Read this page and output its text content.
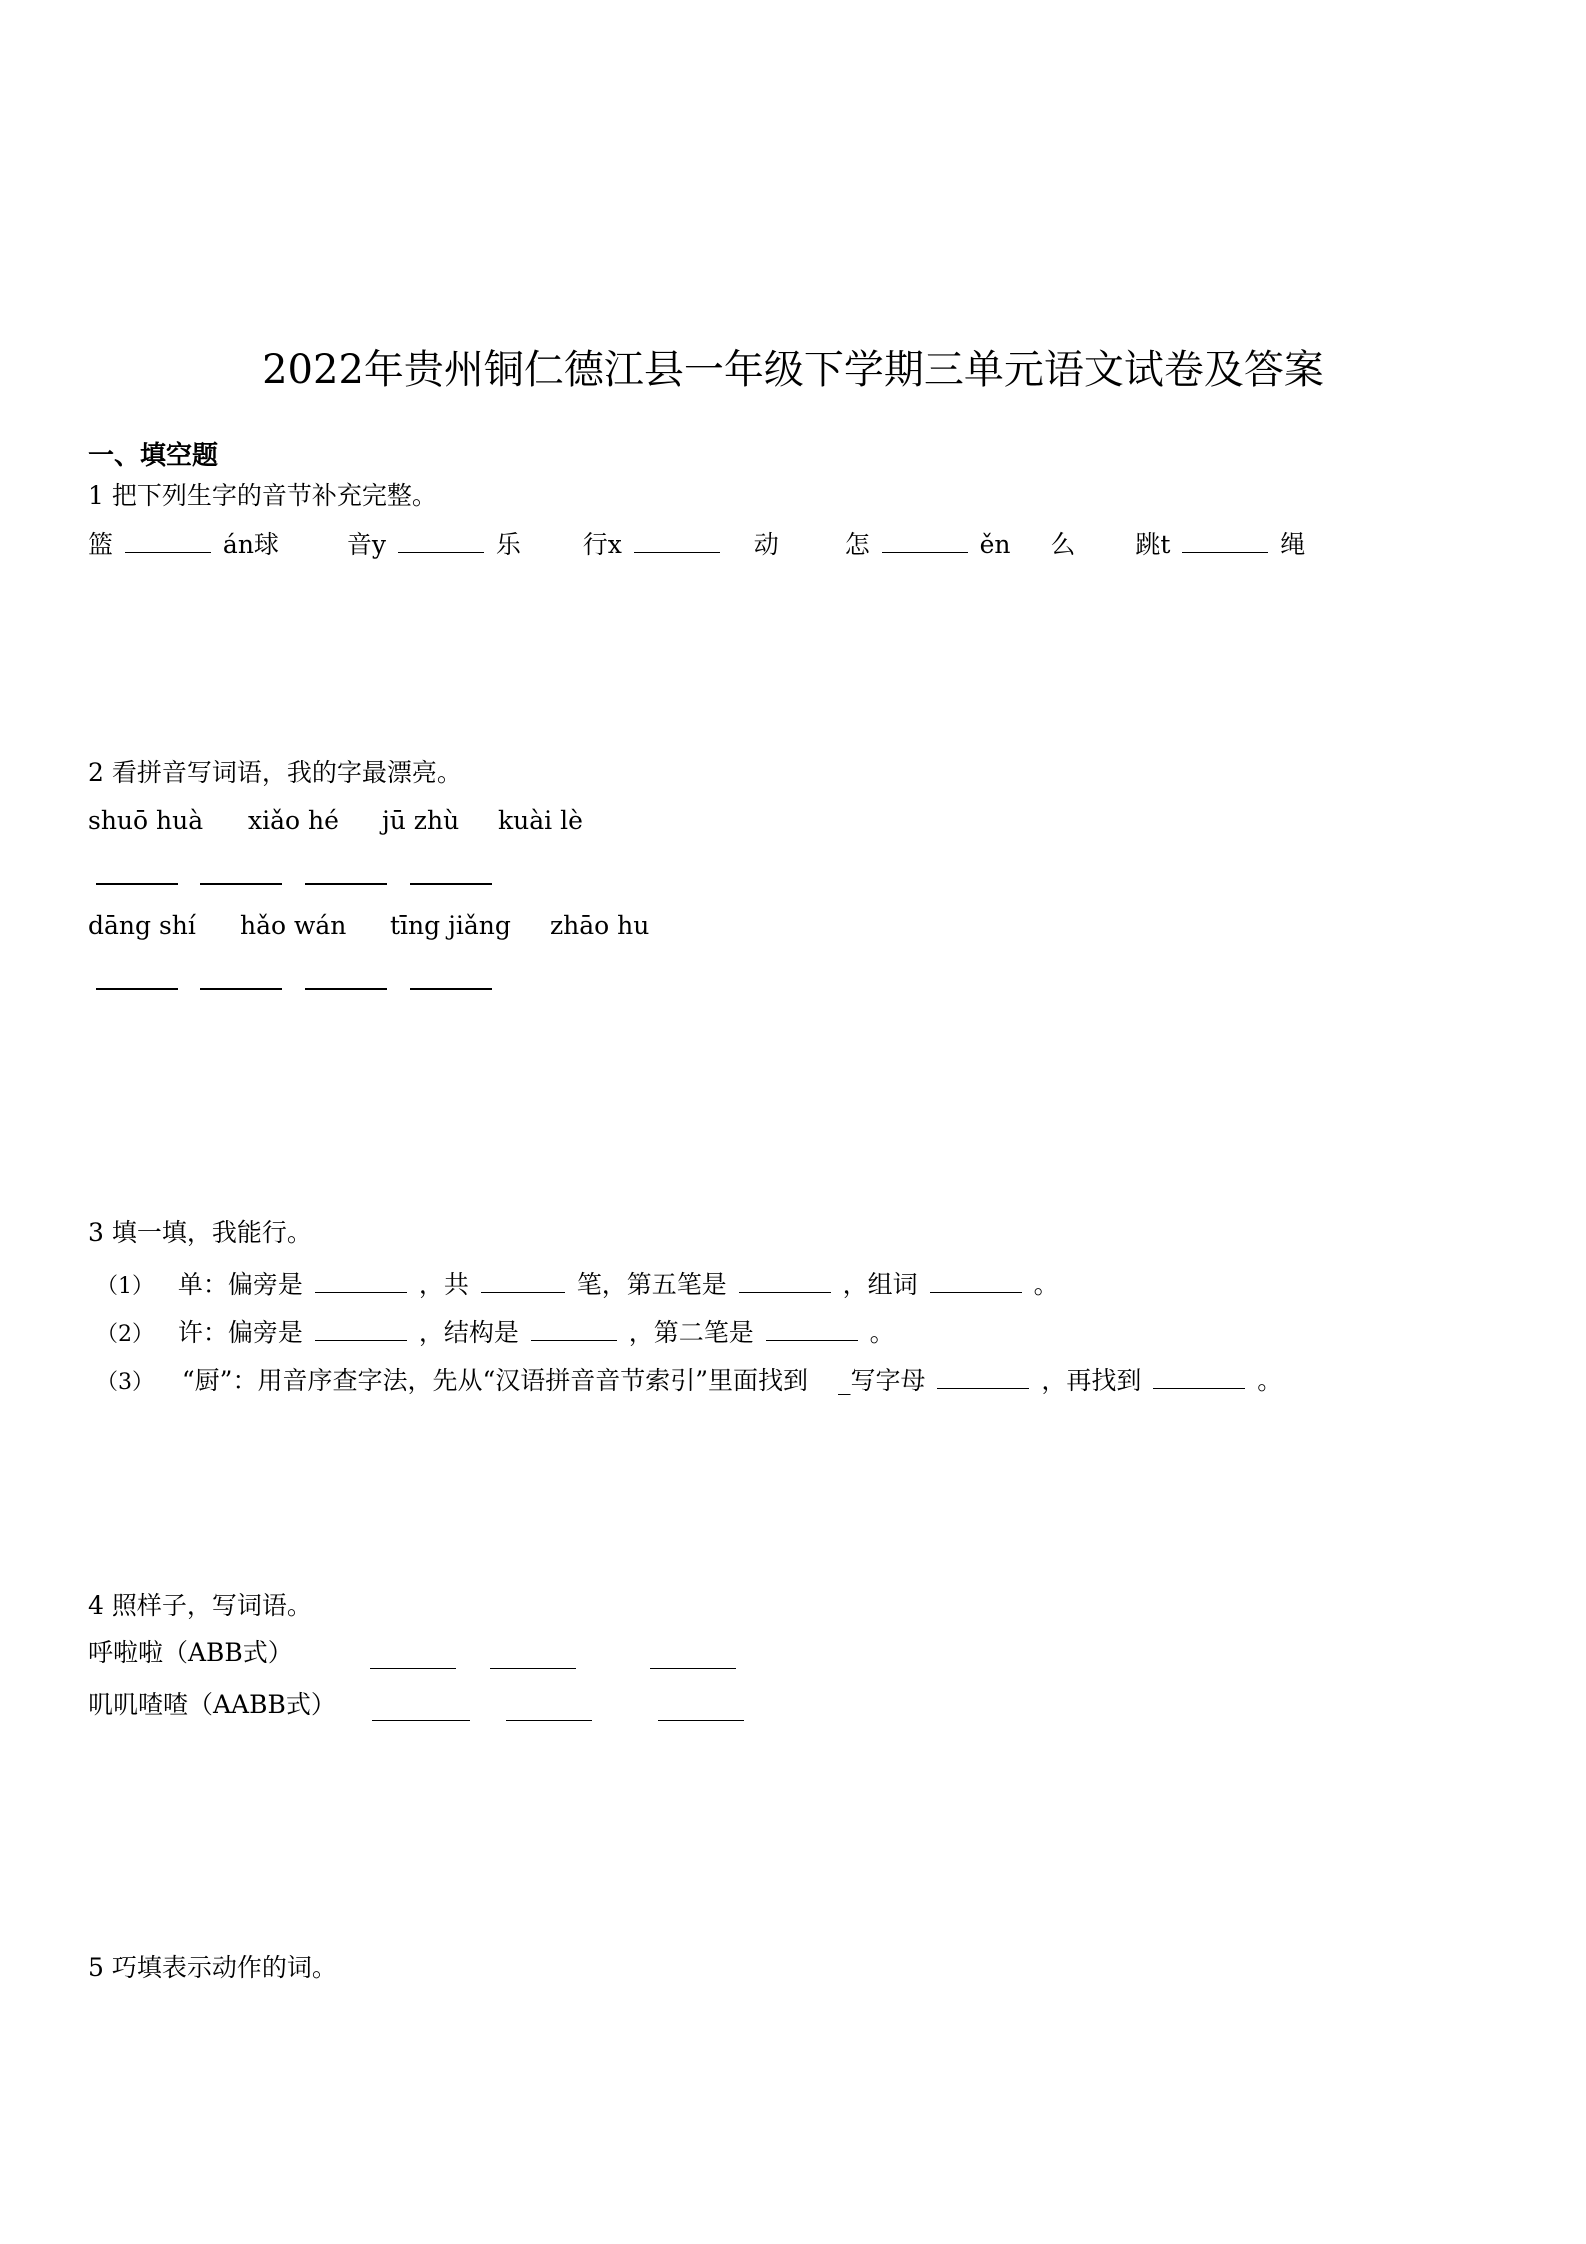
2022年贵州铜仁德江县一年级下学期三单元语文试卷及答案
一、填空题
1 把下列生字的音节补充完整。
篮	án球	音y	乐 行x	动	怎	ěn 么 跳t	绳
2 看拼音写词语，我的字最漂亮。
shuō huà xiǎo hé jū zhù kuài lè
dāng shí hǎo wán tīng jiǎng zhāo hu
3 填一填，我能行。
（1） 单：偏旁是	，共	笔，第五笔是	，组词	。
（2） 许：偏旁是	，结构是	，第二笔是	。
（3） “厨”：用音序查字法，先从“汉语拼音音节索引”里面找到 _写字母	，再找到	。
4 照样子，写词语。
呼啦啦（ABB式）
叽叽喳喳（AABB式）
5 巧填表示动作的词。
